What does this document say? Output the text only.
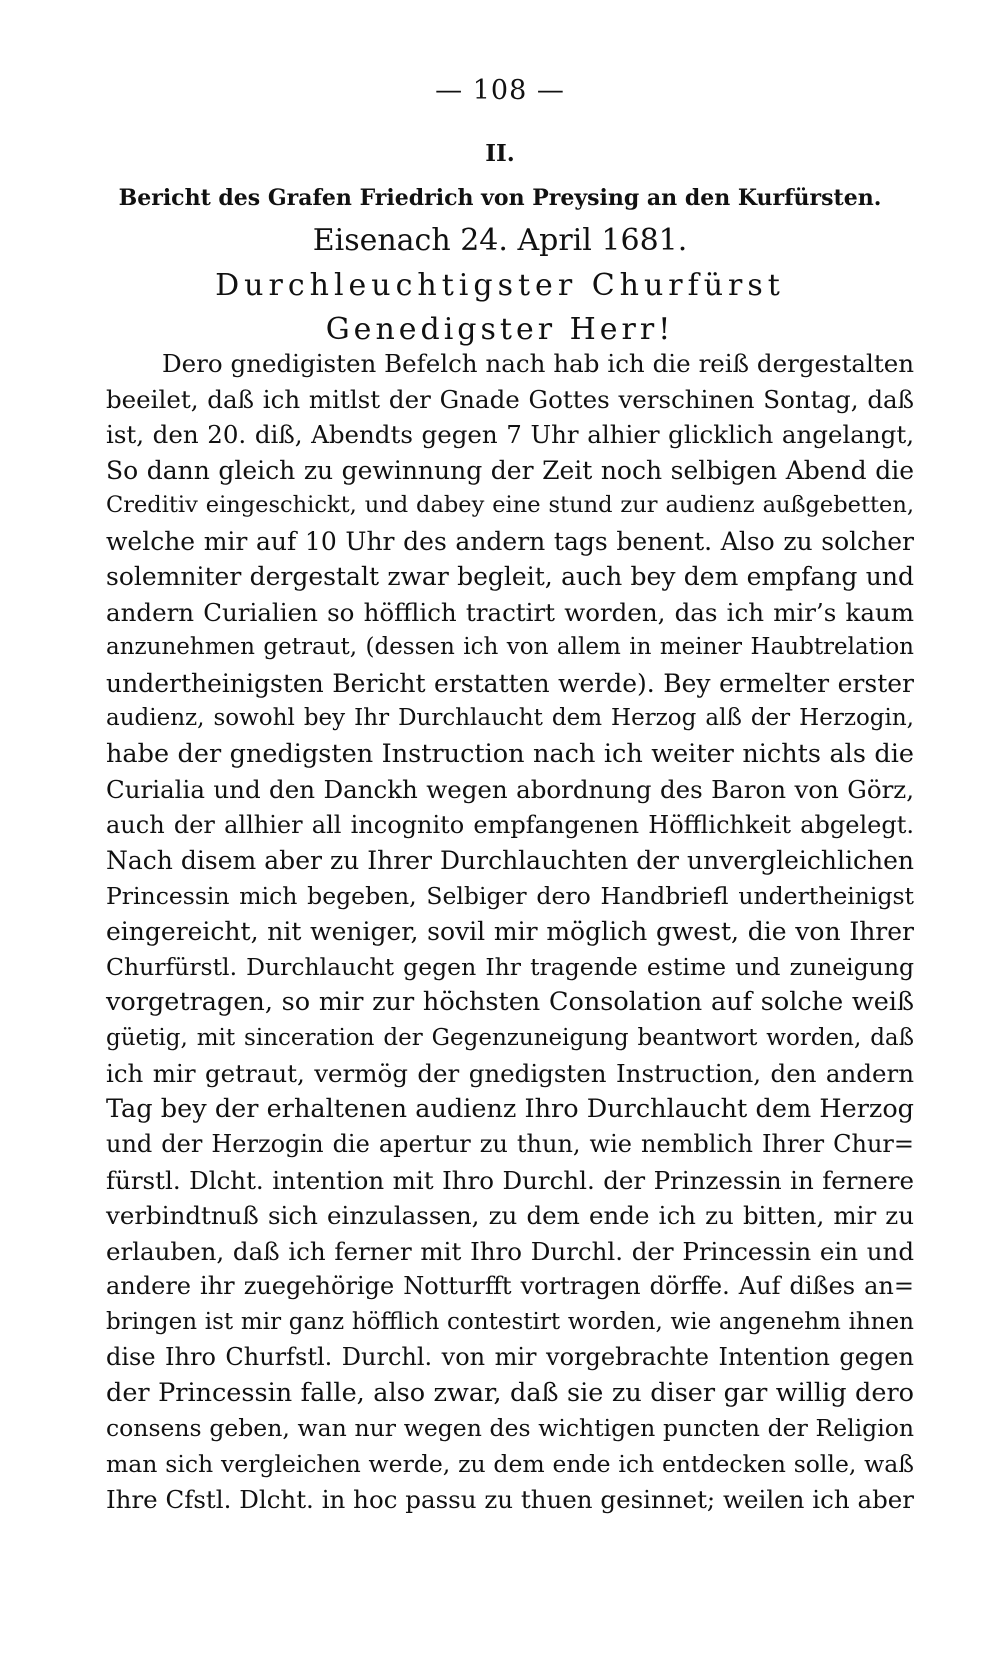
— 108 —
II.
Bericht des Grafen Friedrich von Preysing an den Kurfürsten.
Eisenach 24. April 1681.
Durchleuchtigster Churfürst
Genedigster Herr!
Dero gnedigisten Befelch nach hab ich die reiß dergestalten
beeilet, daß ich mitlst der Gnade Gottes verschinen Sontag, daß
ist, den 20. diß, Abendts gegen 7 Uhr alhier glicklich angelangt,
So dann gleich zu gewinnung der Zeit noch selbigen Abend die
Creditiv eingeschickt, und dabey eine stund zur audienz außgebetten,
welche mir auf 10 Uhr des andern tags benent. Also zu solcher
solemniter dergestalt zwar begleit, auch bey dem empfang und
andern Curialien so höfflich tractirt worden, das ich mir’s kaum
anzunehmen getraut, (dessen ich von allem in meiner Haubtrelation
undertheinigsten Bericht erstatten werde). Bey ermelter erster
audienz, sowohl bey Ihr Durchlaucht dem Herzog alß der Herzogin,
habe der gnedigsten Instruction nach ich weiter nichts als die
Curialia und den Danckh wegen abordnung des Baron von Görz,
auch der allhier all incognito empfangenen Höfflichkeit abgelegt.
Nach disem aber zu Ihrer Durchlauchten der unvergleichlichen
Princessin mich begeben, Selbiger dero Handbriefl undertheinigst
eingereicht, nit weniger, sovil mir möglich gwest, die von Ihrer
Churfürstl. Durchlaucht gegen Ihr tragende estime und zuneigung
vorgetragen, so mir zur höchsten Consolation auf solche weiß
güetig, mit sinceration der Gegenzuneigung beantwort worden, daß
ich mir getraut, vermög der gnedigsten Instruction, den andern
Tag bey der erhaltenen audienz Ihro Durchlaucht dem Herzog
und der Herzogin die apertur zu thun, wie nemblich Ihrer Chur=
fürstl. Dlcht. intention mit Ihro Durchl. der Prinzessin in fernere
verbindtnuß sich einzulassen, zu dem ende ich zu bitten, mir zu
erlauben, daß ich ferner mit Ihro Durchl. der Princessin ein und
andere ihr zuegehörige Notturfft vortragen dörffe. Auf dißes an=
bringen ist mir ganz höfflich contestirt worden, wie angenehm ihnen
dise Ihro Churfstl. Durchl. von mir vorgebrachte Intention gegen
der Princessin falle, also zwar, daß sie zu diser gar willig dero
consens geben, wan nur wegen des wichtigen puncten der Religion
man sich vergleichen werde, zu dem ende ich entdecken solle, waß
Ihre Cfstl. Dlcht. in hoc passu zu thuen gesinnet; weilen ich aber
